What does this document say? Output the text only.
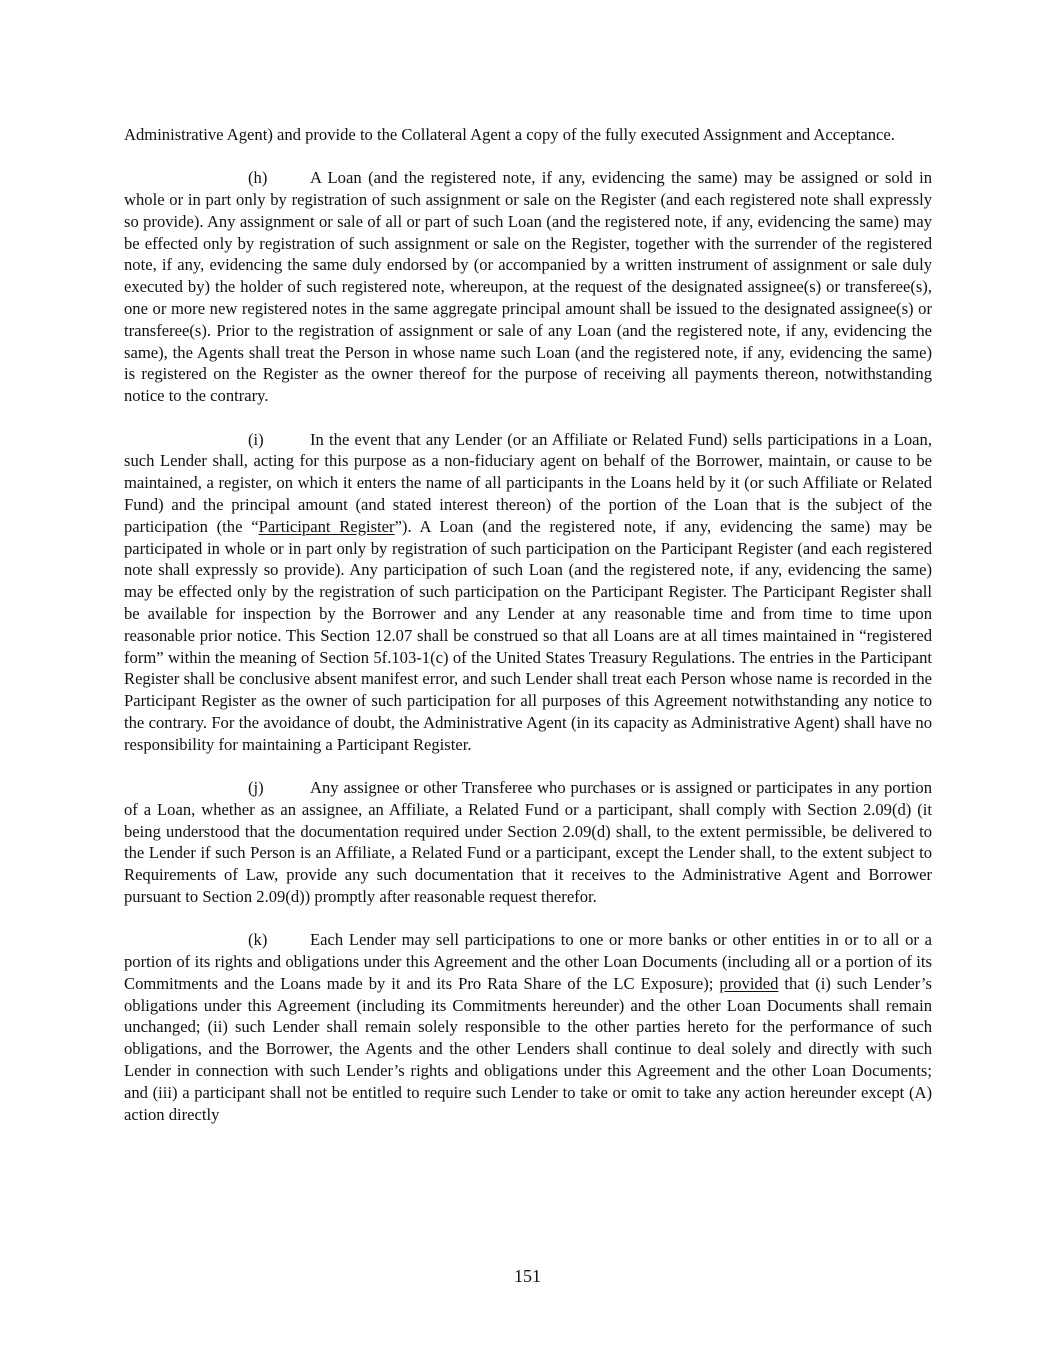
Administrative Agent) and provide to the Collateral Agent a copy of the fully executed Assignment and Acceptance.

(h)	A Loan (and the registered note, if any, evidencing the same) may be assigned or sold in whole or in part only by registration of such assignment or sale on the Register (and each registered note shall expressly so provide). Any assignment or sale of all or part of such Loan (and the registered note, if any, evidencing the same) may be effected only by registration of such assignment or sale on the Register, together with the surrender of the registered note, if any, evidencing the same duly endorsed by (or accompanied by a written instrument of assignment or sale duly executed by) the holder of such registered note, whereupon, at the request of the designated assignee(s) or transferee(s), one or more new registered notes in the same aggregate principal amount shall be issued to the designated assignee(s) or transferee(s). Prior to the registration of assignment or sale of any Loan (and the registered note, if any, evidencing the same), the Agents shall treat the Person in whose name such Loan (and the registered note, if any, evidencing the same) is registered on the Register as the owner thereof for the purpose of receiving all payments thereon, notwithstanding notice to the contrary.

(i)	In the event that any Lender (or an Affiliate or Related Fund) sells participations in a Loan, such Lender shall, acting for this purpose as a non-fiduciary agent on behalf of the Borrower, maintain, or cause to be maintained, a register, on which it enters the name of all participants in the Loans held by it (or such Affiliate or Related Fund) and the principal amount (and stated interest thereon) of the portion of the Loan that is the subject of the participation (the “Participant Register”). A Loan (and the registered note, if any, evidencing the same) may be participated in whole or in part only by registration of such participation on the Participant Register (and each registered note shall expressly so provide). Any participation of such Loan (and the registered note, if any, evidencing the same) may be effected only by the registration of such participation on the Participant Register. The Participant Register shall be available for inspection by the Borrower and any Lender at any reasonable time and from time to time upon reasonable prior notice. This Section 12.07 shall be construed so that all Loans are at all times maintained in “registered form” within the meaning of Section 5f.103-1(c) of the United States Treasury Regulations. The entries in the Participant Register shall be conclusive absent manifest error, and such Lender shall treat each Person whose name is recorded in the Participant Register as the owner of such participation for all purposes of this Agreement notwithstanding any notice to the contrary. For the avoidance of doubt, the Administrative Agent (in its capacity as Administrative Agent) shall have no responsibility for maintaining a Participant Register.

(j)	Any assignee or other Transferee who purchases or is assigned or participates in any portion of a Loan, whether as an assignee, an Affiliate, a Related Fund or a participant, shall comply with Section 2.09(d) (it being understood that the documentation required under Section 2.09(d) shall, to the extent permissible, be delivered to the Lender if such Person is an Affiliate, a Related Fund or a participant, except the Lender shall, to the extent subject to Requirements of Law, provide any such documentation that it receives to the Administrative Agent and Borrower pursuant to Section 2.09(d)) promptly after reasonable request therefor.

(k)	Each Lender may sell participations to one or more banks or other entities in or to all or a portion of its rights and obligations under this Agreement and the other Loan Documents (including all or a portion of its Commitments and the Loans made by it and its Pro Rata Share of the LC Exposure); provided that (i) such Lender’s obligations under this Agreement (including its Commitments hereunder) and the other Loan Documents shall remain unchanged; (ii) such Lender shall remain solely responsible to the other parties hereto for the performance of such obligations, and the Borrower, the Agents and the other Lenders shall continue to deal solely and directly with such Lender in connection with such Lender’s rights and obligations under this Agreement and the other Loan Documents; and (iii) a participant shall not be entitled to require such Lender to take or omit to take any action hereunder except (A) action directly

151
